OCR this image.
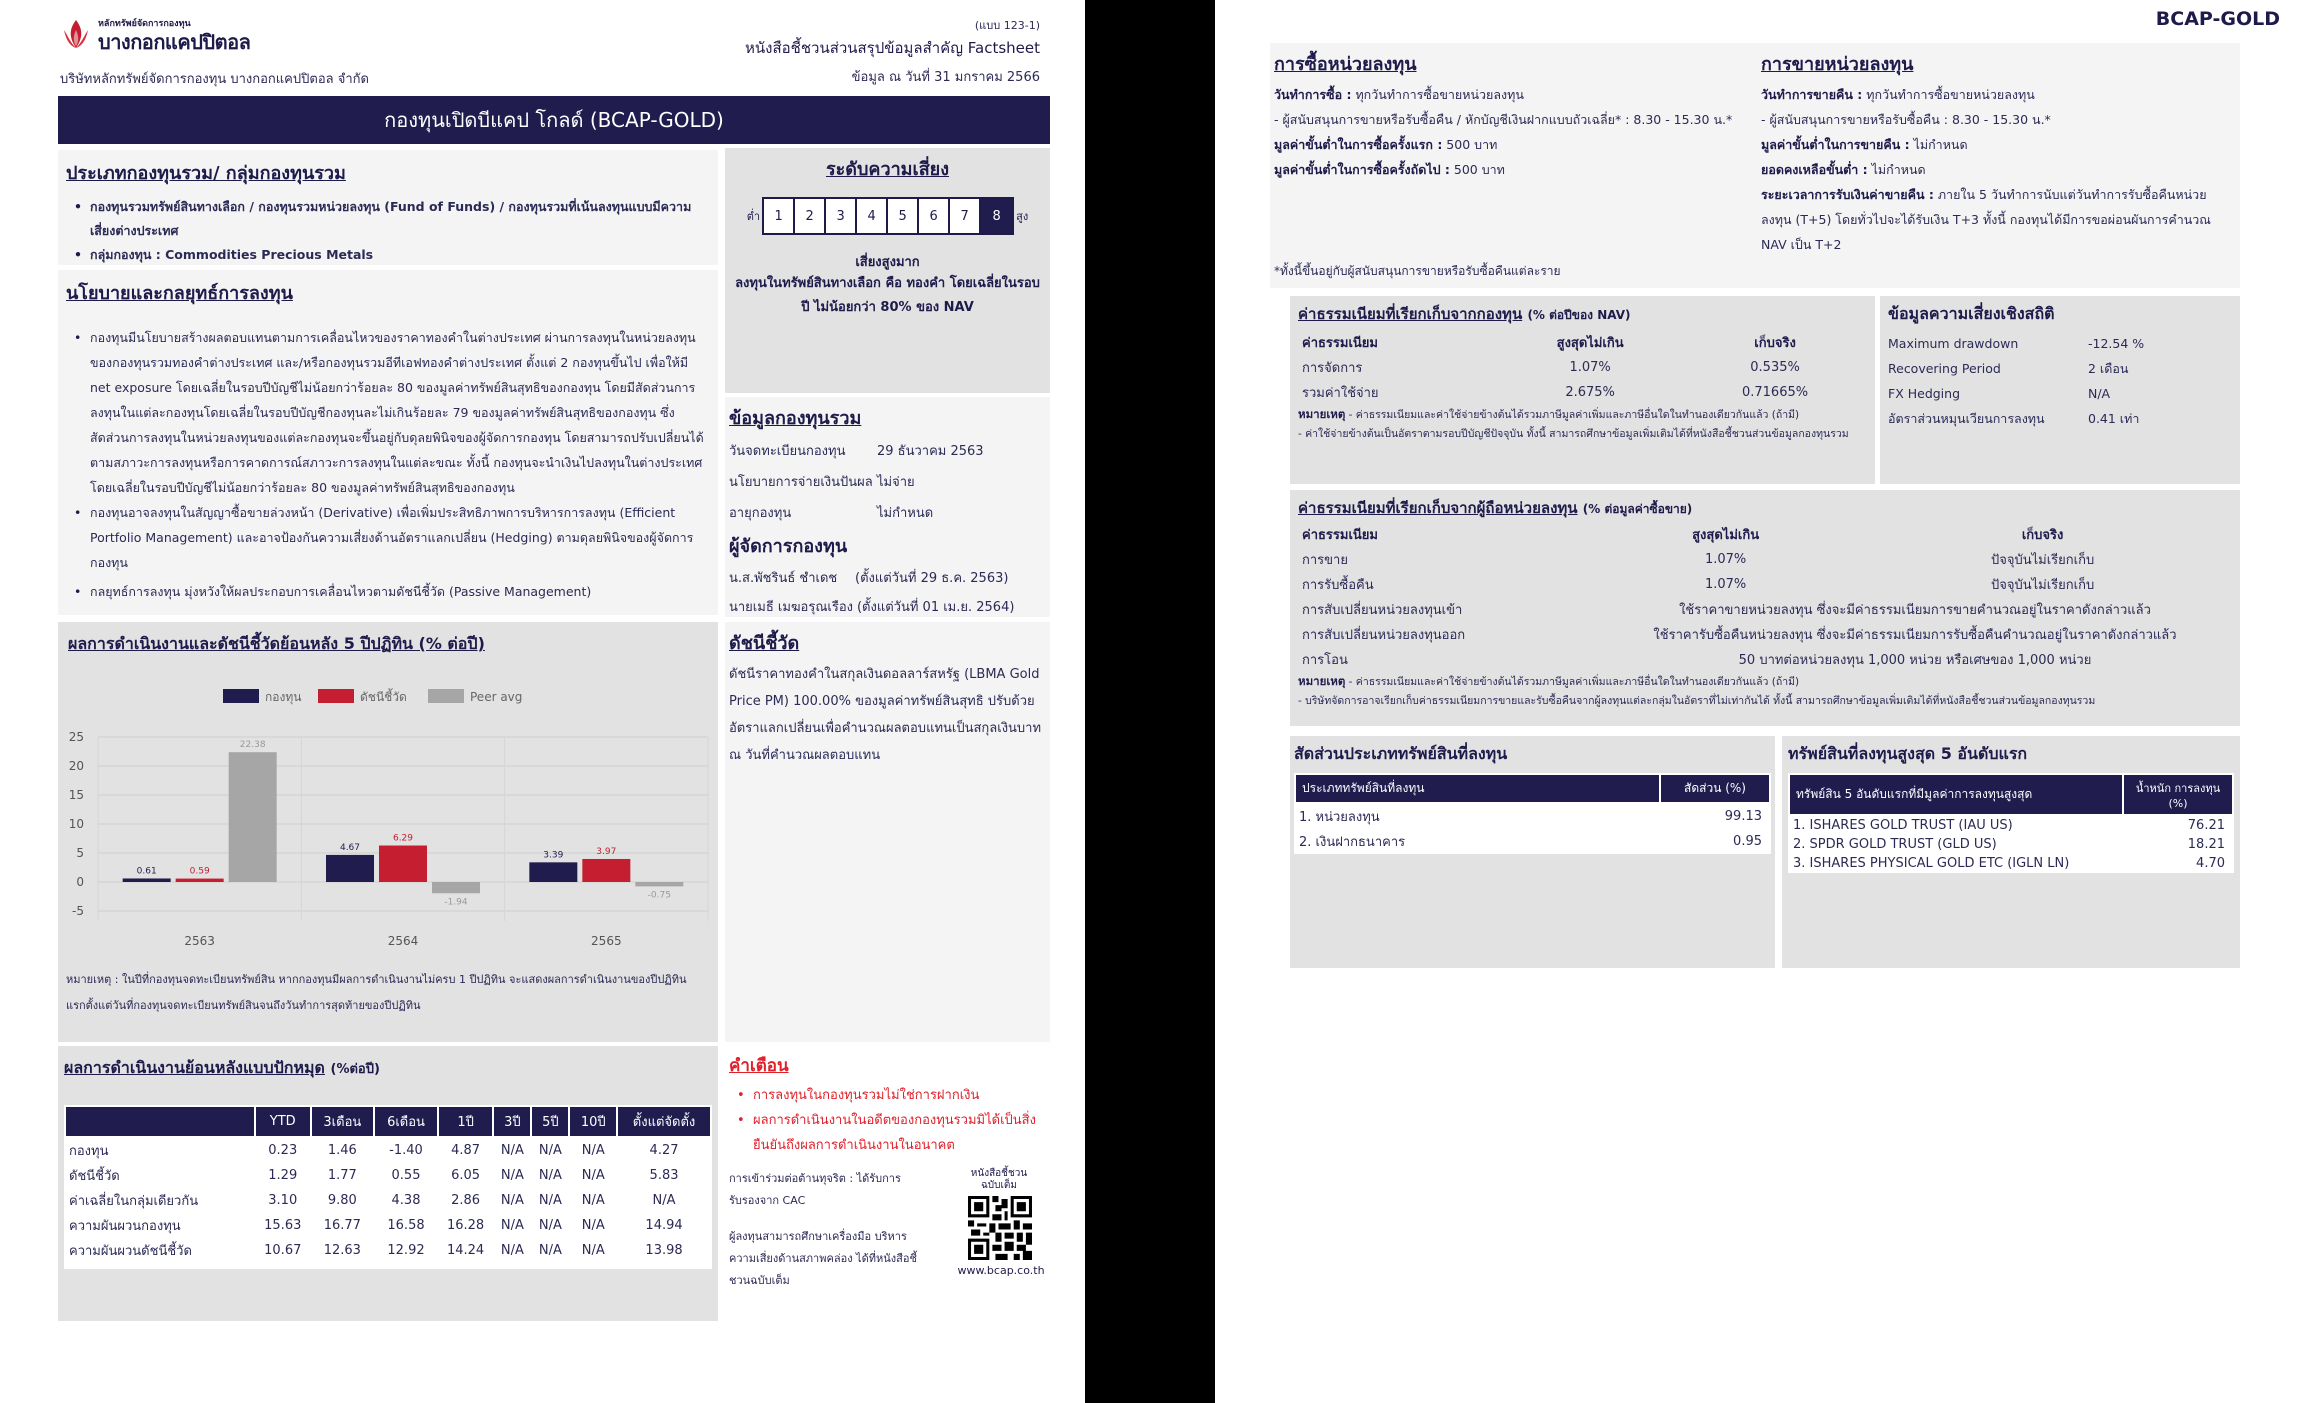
หลักทรัพย์จัดการกองทุน
บางกอกแคปปิตอล
บริษัทหลักทรัพย์จัดการกองทุน บางกอกแคปปิตอล จำกัด
(แบบ 123-1)
หนังสือชี้ชวนส่วนสรุปข้อมูลสำคัญ Factsheet
ข้อมูล ณ วันที่ 31 มกราคม 2566
กองทุนเปิดบีแคป โกลด์ (BCAP-GOLD)
ประเภทกองทุนรวม/ กลุ่มกองทุนรวม
• กองทุนรวมทรัพย์สินทางเลือก / กองทุนรวมหน่วยลงทุน (Fund of Funds) / กองทุนรวมที่เน้นลงทุนแบบมีความเสี่ยงต่างประเทศ
• กลุ่มกองทุน : Commodities Precious Metals
นโยบายและกลยุทธ์การลงทุน
• กองทุนมีนโยบายสร้างผลตอบแทนตามการเคลื่อนไหวของราคาทองคำในต่างประเทศ ผ่านการลงทุนในหน่วยลงทุนของกองทุนรวมทองคำต่างประเทศ และ/หรือกองทุนรวมอีทีเอฟทองคำต่างประเทศ ตั้งแต่ 2 กองทุนขึ้นไป เพื่อให้มี net exposure โดยเฉลี่ยในรอบปีบัญชีไม่น้อยกว่าร้อยละ 80 ของมูลค่าทรัพย์สินสุทธิของกองทุน โดยมีสัดส่วนการลงทุนในแต่ละกองทุนโดยเฉลี่ยในรอบปีบัญชีกองทุนละไม่เกินร้อยละ 79 ของมูลค่าทรัพย์สินสุทธิของกองทุน ซึ่งสัดส่วนการลงทุนในหน่วยลงทุนของแต่ละกองทุนจะขึ้นอยู่กับดุลยพินิจของผู้จัดการกองทุน โดยสามารถปรับเปลี่ยนได้ตามสภาวะการลงทุนหรือการคาดการณ์สภาวะการลงทุนในแต่ละขณะ ทั้งนี้ กองทุนจะนำเงินไปลงทุนในต่างประเทศโดยเฉลี่ยในรอบปีบัญชีไม่น้อยกว่าร้อยละ 80 ของมูลค่าทรัพย์สินสุทธิของกองทุน
• กองทุนอาจลงทุนในสัญญาซื้อขายล่วงหน้า (Derivative) เพื่อเพิ่มประสิทธิภาพการบริหารการลงทุน (Efficient Portfolio Management) และอาจป้องกันความเสี่ยงด้านอัตราแลกเปลี่ยน (Hedging) ตามดุลยพินิจของผู้จัดการกองทุน
• กลยุทธ์การลงทุน มุ่งหวังให้ผลประกอบการเคลื่อนไหวตามดัชนีชี้วัด (Passive Management)
ระดับความเสี่ยง
ต่ำ	1	2	3	4	5	6	7	8	สูง
เสี่ยงสูงมาก
ลงทุนในทรัพย์สินทางเลือก คือ ทองคำ โดยเฉลี่ยในรอบปี ไม่น้อยกว่า 80% ของ NAV
ข้อมูลกองทุนรวม
วันจดทะเบียนกองทุน	29 ธันวาคม 2563
นโยบายการจ่ายเงินปันผล ไม่จ่าย
อายุกองทุน	ไม่กำหนด
ผู้จัดการกองทุน
น.ส.พัชรินธ์ ชำเดช	(ตั้งแต่วันที่ 29 ธ.ค. 2563)
นายเมธี เมฆอรุณเรือง (ตั้งแต่วันที่ 01 เม.ย. 2564)
ผลการดำเนินงานและดัชนีชี้วัดย้อนหลัง 5 ปีปฏิทิน (% ต่อปี)
กองทุน	ดัชนีชี้วัด	Peer avg
25
20
15
10
5
0
-5
2563
0.61	0.59
22.38
2564
4.67
6.29
-1.94
2565
3.39	3.97
-0.75
หมายเหตุ : ในปีที่กองทุนจดทะเบียนทรัพย์สิน หากกองทุนมีผลการดำเนินงานไม่ครบ 1 ปีปฏิทิน จะแสดงผลการดำเนินงานของปีปฏิทินแรกตั้งแต่วันที่กองทุนจดทะเบียนทรัพย์สินจนถึงวันทำการสุดท้ายของปีปฏิทิน
ดัชนีชี้วัด
ดัชนีราคาทองคำในสกุลเงินดอลลาร์สหรัฐ (LBMA Gold Price PM) 100.00% ของมูลค่าทรัพย์สินสุทธิ ปรับด้วยอัตราแลกเปลี่ยนเพื่อคำนวณผลตอบแทนเป็นสกุลเงินบาท ณ วันที่คำนวณผลตอบแทน
ผลการดำเนินงานย้อนหลังแบบปักหมุด (%ต่อปี)
	YTD	3เดือน	6เดือน	1ปี	3ปี	5ปี	10ปี	ตั้งแต่จัดตั้ง
กองทุน	0.23	1.46	-1.40	4.87	N/A	N/A	N/A	4.27
ดัชนีชี้วัด	1.29	1.77	0.55	6.05	N/A	N/A	N/A	5.83
ค่าเฉลี่ยในกลุ่มเดียวกัน	3.10	9.80	4.38	2.86	N/A	N/A	N/A	N/A
ความผันผวนกองทุน	15.63	16.77	16.58	16.28	N/A	N/A	N/A	14.94
ความผันผวนดัชนีชี้วัด	10.67	12.63	12.92	14.24	N/A	N/A	N/A	13.98
คำเตือน
• การลงทุนในกองทุนรวมไม่ใช่การฝากเงิน
• ผลการดำเนินงานในอดีตของกองทุนรวมมิได้เป็นสิ่งยืนยันถึงผลการดำเนินงานในอนาคต
การเข้าร่วมต่อต้านทุจริต : ได้รับการรับรองจาก CAC
ผู้ลงทุนสามารถศึกษาเครื่องมือ บริหารความเสี่ยงด้านสภาพคล่อง ได้ที่หนังสือชี้ชวนฉบับเต็ม
หนังสือชี้ชวน ฉบับเต็ม
www.bcap.co.th
BCAP-GOLD
การซื้อหน่วยลงทุน
วันทำการซื้อ : ทุกวันทำการซื้อขายหน่วยลงทุน
- ผู้สนับสนุนการขายหรือรับซื้อคืน / หักบัญชีเงินฝากแบบถัวเฉลี่ย* : 8.30 - 15.30 น.*
มูลค่าขั้นต่ำในการซื้อครั้งแรก : 500 บาท
มูลค่าขั้นต่ำในการซื้อครั้งถัดไป : 500 บาท
*ทั้งนี้ขึ้นอยู่กับผู้สนับสนุนการขายหรือรับซื้อคืนแต่ละราย
การขายหน่วยลงทุน
วันทำการขายคืน : ทุกวันทำการซื้อขายหน่วยลงทุน
- ผู้สนับสนุนการขายหรือรับซื้อคืน : 8.30 - 15.30 น.*
มูลค่าขั้นต่ำในการขายคืน : ไม่กำหนด
ยอดคงเหลือขั้นต่ำ : ไม่กำหนด
ระยะเวลาการรับเงินค่าขายคืน : ภายใน 5 วันทำการนับแต่วันทำการรับซื้อคืนหน่วยลงทุน (T+5) โดยทั่วไปจะได้รับเงิน T+3 ทั้งนี้ กองทุนได้มีการขอผ่อนผันการคำนวณ NAV เป็น T+2
ค่าธรรมเนียมที่เรียกเก็บจากกองทุน (% ต่อปีของ NAV)
ค่าธรรมเนียม	สูงสุดไม่เกิน	เก็บจริง
การจัดการ	1.07%	0.535%
รวมค่าใช้จ่าย	2.675%	0.71665%
หมายเหตุ - ค่าธรรมเนียมและค่าใช้จ่ายข้างต้นได้รวมภาษีมูลค่าเพิ่มและภาษีอื่นใดในทำนองเดียวกันแล้ว (ถ้ามี)
- ค่าใช้จ่ายข้างต้นเป็นอัตราตามรอบปีบัญชีปัจจุบัน ทั้งนี้ สามารถศึกษาข้อมูลเพิ่มเติมได้ที่หนังสือชี้ชวนส่วนข้อมูลกองทุนรวม
ข้อมูลความเสี่ยงเชิงสถิติ
Maximum drawdown	-12.54 %
Recovering Period	2 เดือน
FX Hedging	N/A
อัตราส่วนหมุนเวียนการลงทุน	0.41 เท่า
ค่าธรรมเนียมที่เรียกเก็บจากผู้ถือหน่วยลงทุน (% ต่อมูลค่าซื้อขาย)
ค่าธรรมเนียม	สูงสุดไม่เกิน	เก็บจริง
การขาย	1.07%	ปัจจุบันไม่เรียกเก็บ
การรับซื้อคืน	1.07%	ปัจจุบันไม่เรียกเก็บ
การสับเปลี่ยนหน่วยลงทุนเข้า	ใช้ราคาขายหน่วยลงทุน ซึ่งจะมีค่าธรรมเนียมการขายคำนวณอยู่ในราคาดังกล่าวแล้ว	
การสับเปลี่ยนหน่วยลงทุนออก	ใช้ราคารับซื้อคืนหน่วยลงทุน ซึ่งจะมีค่าธรรมเนียมการรับซื้อคืนคำนวณอยู่ในราคาดังกล่าวแล้ว	
การโอน	50 บาทต่อหน่วยลงทุน 1,000 หน่วย หรือเศษของ 1,000 หน่วย	
หมายเหตุ - ค่าธรรมเนียมและค่าใช้จ่ายข้างต้นได้รวมภาษีมูลค่าเพิ่มและภาษีอื่นใดในทำนองเดียวกันแล้ว (ถ้ามี)
- บริษัทจัดการอาจเรียกเก็บค่าธรรมเนียมการขายและรับซื้อคืนจากผู้ลงทุนแต่ละกลุ่มในอัตราที่ไม่เท่ากันได้ ทั้งนี้ สามารถศึกษาข้อมูลเพิ่มเติมได้ที่หนังสือชี้ชวนส่วนข้อมูลกองทุนรวม
สัดส่วนประเภททรัพย์สินที่ลงทุน
ประเภททรัพย์สินที่ลงทุน	สัดส่วน (%)
1. หน่วยลงทุน	99.13
2. เงินฝากธนาคาร	0.95
ทรัพย์สินที่ลงทุนสูงสุด 5 อันดับแรก
ทรัพย์สิน 5 อันดับแรกที่มีมูลค่าการลงทุนสูงสุด	น้ำหนัก การลงทุน (%)
1. ISHARES GOLD TRUST (IAU US)	76.21
2. SPDR GOLD TRUST (GLD US)	18.21
3. ISHARES PHYSICAL GOLD ETC (IGLN LN)	4.70
